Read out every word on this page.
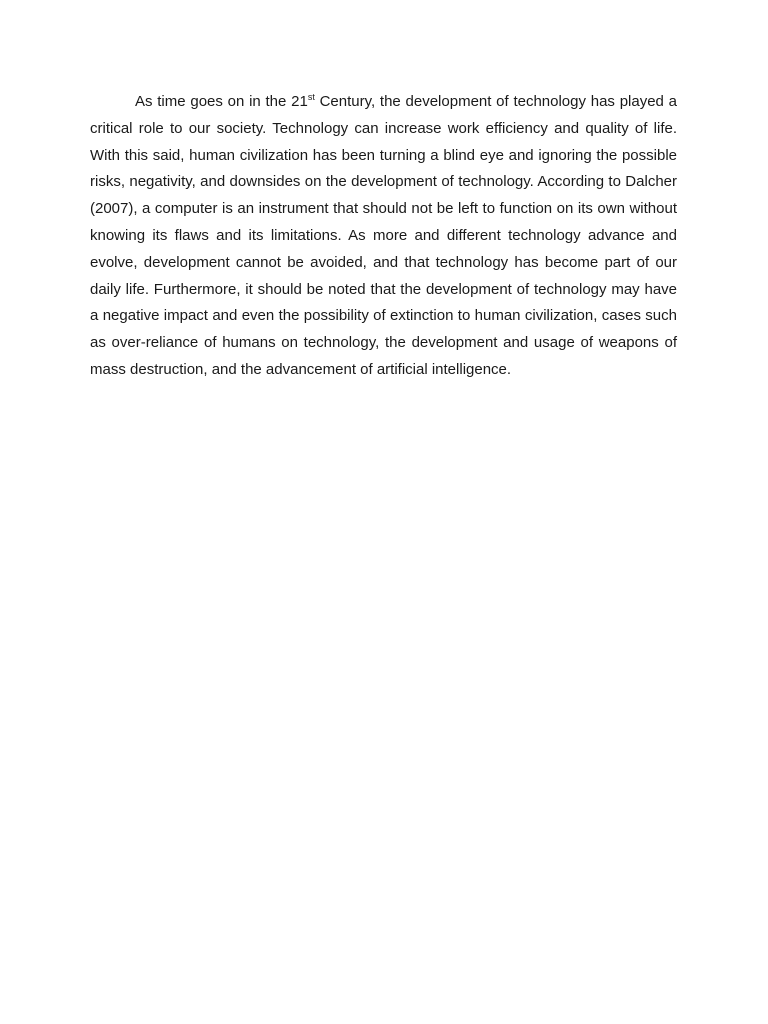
As time goes on in the 21st Century, the development of technology has played a critical role to our society. Technology can increase work efficiency and quality of life. With this said, human civilization has been turning a blind eye and ignoring the possible risks, negativity, and downsides on the development of technology. According to Dalcher (2007), a computer is an instrument that should not be left to function on its own without knowing its flaws and its limitations. As more and different technology advance and evolve, development cannot be avoided, and that technology has become part of our daily life. Furthermore, it should be noted that the development of technology may have a negative impact and even the possibility of extinction to human civilization, cases such as over-reliance of humans on technology, the development and usage of weapons of mass destruction, and the advancement of artificial intelligence.
